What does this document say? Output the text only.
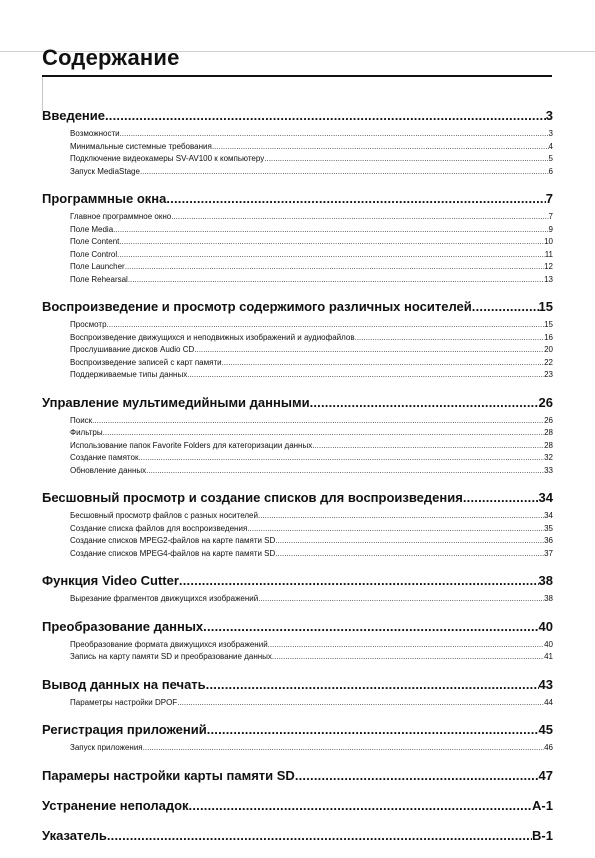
Содержание
Введение .....	3
Возможности .....	3
Минимальные системные требования .....	4
Подключение видеокамеры SV-AV100 к компьютеру .....	5
Запуск MediaStage .....	6
Программные окна .....	7
Главное программное окно .....	7
Поле Media .....	9
Поле Content .....	10
Поле Control .....	11
Поле Launcher .....	12
Поле Rehearsal .....	13
Воспроизведение и просмотр содержимого различных носителей .....	15
Просмотр .....	15
Воспроизведение движущихся и неподвижных изображений и аудиофайлов .....	16
Прослушивание дисков Audio CD .....	20
Воспроизведение записей с карт памяти .....	22
Поддерживаемые типы данных .....	23
Управление мультимедийными данными .....	26
Поиск .....	26
Фильтры .....	28
Использование папок Favorite Folders для категоризации данных .....	28
Создание памяток .....	32
Обновление данных .....	33
Бесшовный просмотр и создание списков для воспроизведения .....	34
Бесшовный просмотр файлов с разных носителей .....	34
Создание списка файлов для воспроизведения .....	35
Создание списков MPEG2-файлов на карте памяти SD .....	36
Создание списков MPEG4-файлов на карте памяти SD .....	37
Функция Video Cutter .....	38
Вырезание фрагментов движущихся изображений .....	38
Преобразование данных .....	40
Преобразование формата движущихся изображений .....	40
Запись на карту памяти SD и преобразование данных .....	41
Вывод данных на печать .....	43
Параметры настройки DPOF .....	44
Регистрация приложений .....	45
Запуск приложения .....	46
Парамеры настройки карты памяти SD .....	47
Устранение неполадок .....	A-1
Указатель .....	B-1
